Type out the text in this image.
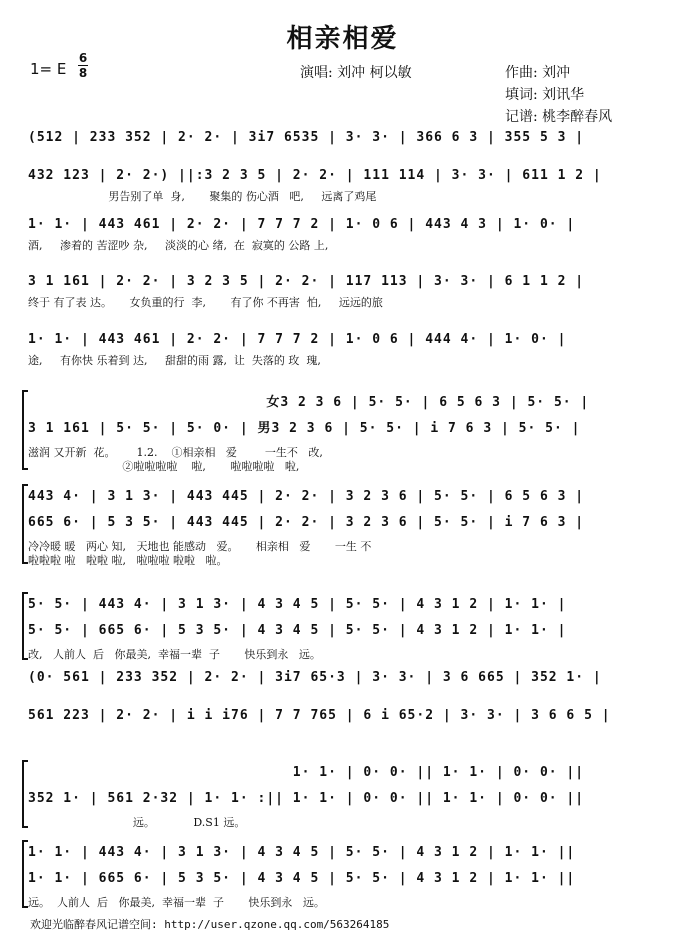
相亲相爱
演唱: 刘冲 柯以敏	作曲: 刘冲
填词: 刘讯华
记谱: 桃李醉春风
1= E
6
8
(512 | 233 352 | 2· 2· | 3i7 6535 | 3· 3· | 366 6 3 | 355 5 3 |
432 123 | 2· 2·) ||:3 2 3 5 | 2· 2· | 111 114 | 3· 3· | 611 1 2 |
男告别了单  身,       聚集的 伤心酒   吧,     远离了鸡尾
1· 1· | 443 461 | 2· 2· | 7 7 7 2 | 1· 0 6 | 443 4 3 | 1· 0· |
酒,     渗着的 苦涩吵 杂,     淡淡的心 绪,  在  寂寞的 公路 上,
3 1 161 | 2· 2· | 3 2 3 5 | 2· 2· | 117 113 | 3· 3· | 6 1 1 2 |
终于 有了表 达。     女负重的行  李,       有了你 不再害  怕,     远远的旅
1· 1· | 443 461 | 2· 2· | 7 7 7 2 | 1· 0 6 | 444 4· | 1· 0· |
途,     有你快 乐着到 达,     甜甜的雨 露,  让  失落的 玫  瑰,
女3 2 3 6 | 5· 5· | 6 5 6 3 | 5· 5· |
3 1 161 | 5· 5· | 5· 0· | 男3 2 3 6 | 5· 5· | i 7 6 3 | 5· 5· |
滋润 又开新  花。      1.2.    ①相亲相   爱        一生不   改,
②啦啦啦啦    啦,       啦啦啦啦   啦,
443 4· | 3 1 3· | 443 445 | 2· 2· | 3 2 3 6 | 5· 5· | 6 5 6 3 |
665 6· | 5 3 5· | 443 445 | 2· 2· | 3 2 3 6 | 5· 5· | i 7 6 3 |
冷冷暖 暖   两心 知,   天地也 能感动   爱。     相亲相   爱       一生 不
啦啦啦 啦   啦啦 啦,   啦啦啦 啦啦   啦。
5· 5· | 443 4· | 3 1 3· | 4 3 4 5 | 5· 5· | 4 3 1 2 | 1· 1· |
5· 5· | 665 6· | 5 3 5· | 4 3 4 5 | 5· 5· | 4 3 1 2 | 1· 1· |
改,   人前人  后   你最美,  幸福一辈  子       快乐到永   远。
(0· 561 | 233 352 | 2· 2· | 3i7 65·3 | 3· 3· | 3 6 665 | 352 1· |
561 223 | 2· 2· | i i i76 | 7 7 765 | 6 i 65·2 | 3· 3· | 3 6 6 5 |
1· 1· | 0· 0· || 1· 1· | 0· 0· ||
352 1· | 561 2·32 | 1· 1· :|| 1· 1· | 0· 0· || 1· 1· | 0· 0· ||
远。           D.S1 远。
1· 1· | 443 4· | 3 1 3· | 4 3 4 5 | 5· 5· | 4 3 1 2 | 1· 1· ||
1· 1· | 665 6· | 5 3 5· | 4 3 4 5 | 5· 5· | 4 3 1 2 | 1· 1· ||
远。  人前人  后   你最美,  幸福一辈  子       快乐到永   远。
欢迎光临醉春风记谱空间: http://user.qzone.qq.com/563264185
